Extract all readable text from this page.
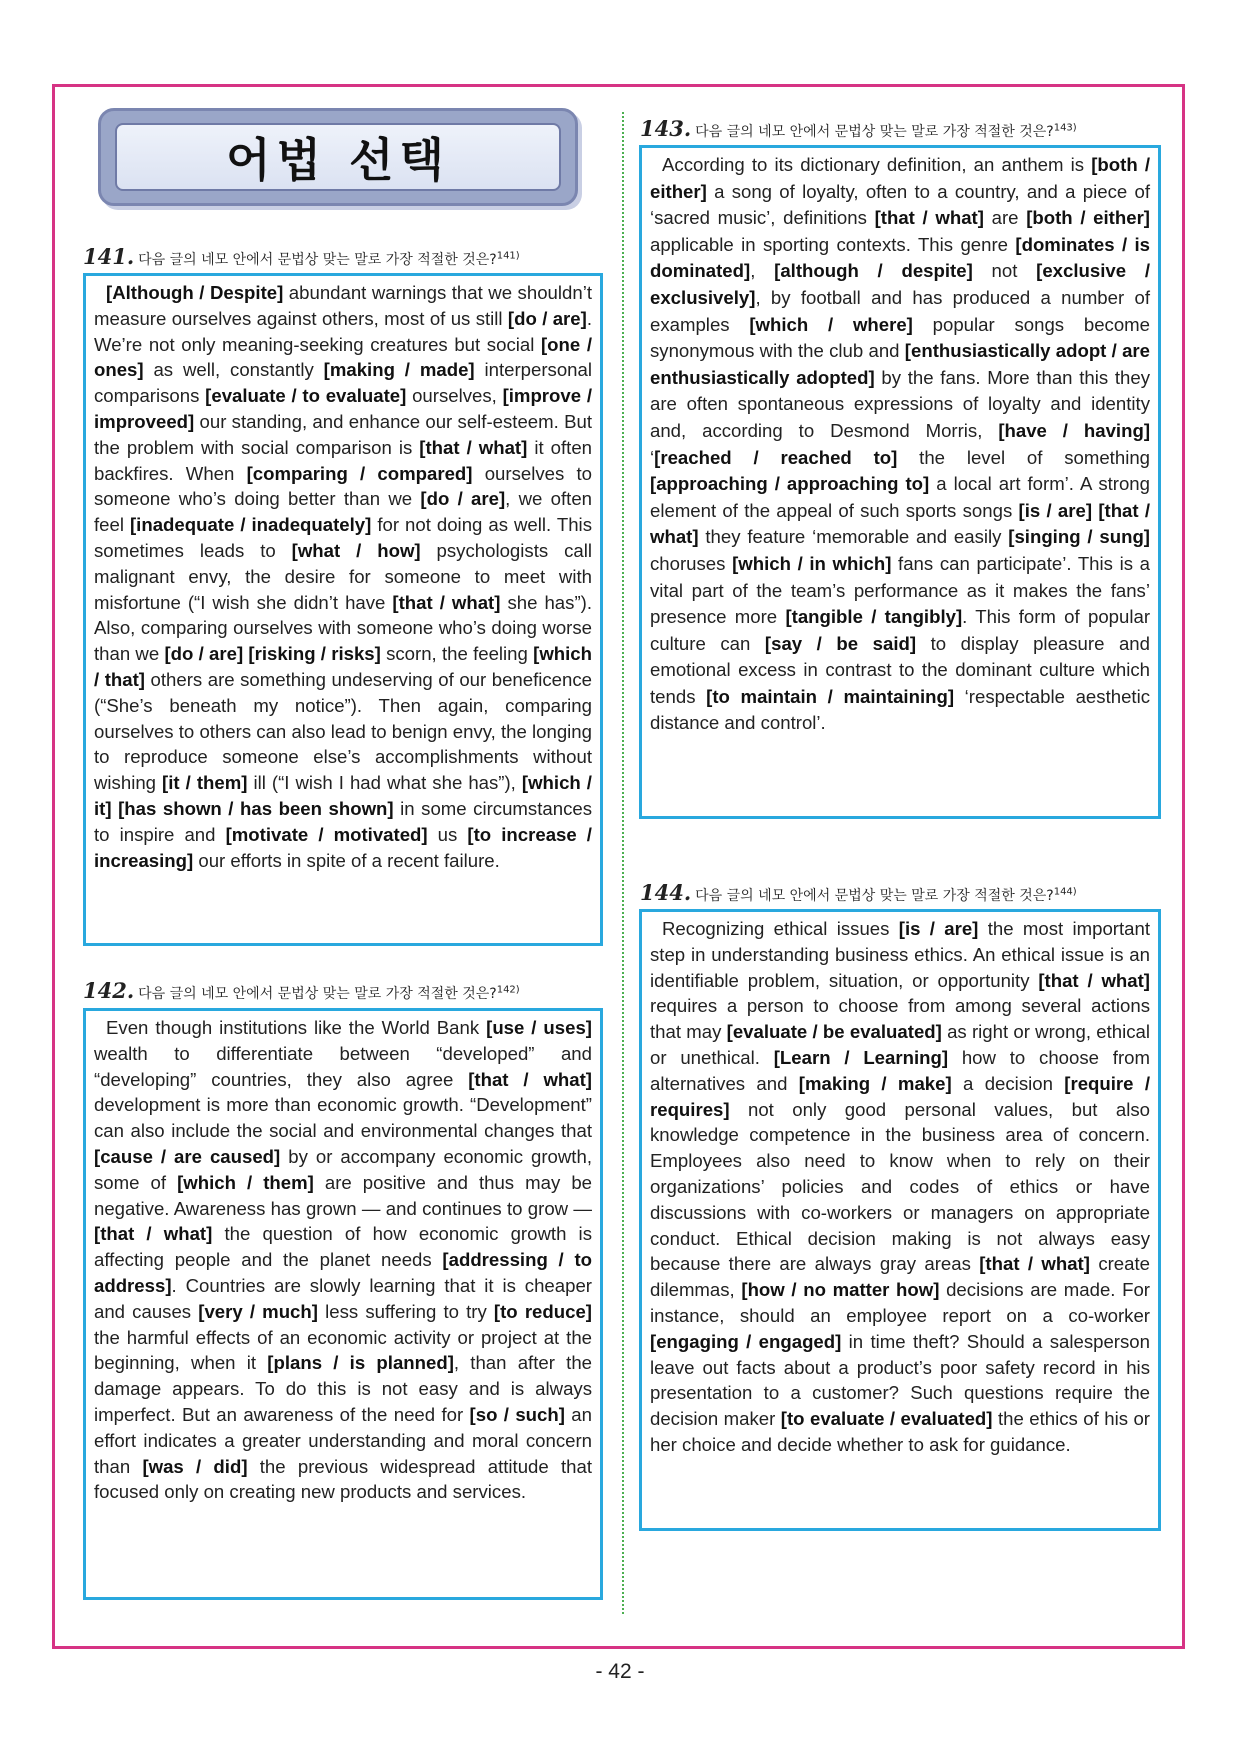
어법 선택
141. 다음 글의 네모 안에서 문법상 맞는 말로 가장 적절한 것은?$^{141)}$

[Although / Despite] abundant warnings that we shouldn’t measure ourselves against others, most of us still [do / are]. We’re not only meaning-seeking creatures but social [one / ones] as well, constantly [making / made] interpersonal comparisons [evaluate / to evaluate] ourselves, [improve / improveed] our standing, and enhance our self-esteem. But the problem with social comparison is [that / what] it often backfires. When [comparing / compared] ourselves to someone who’s doing better than we [do / are], we often feel [inadequate / inadequately] for not doing as well. This sometimes leads to [what / how] psychologists call malignant envy, the desire for someone to meet with misfortune (“I wish she didn’t have [that / what] she has”). Also, comparing ourselves with someone who’s doing worse than we [do / are] [risking / risks] scorn, the feeling [which / that] others are something undeserving of our beneficence (“She’s beneath my notice”). Then again, comparing ourselves to others can also lead to benign envy, the longing to reproduce someone else’s accomplishments without wishing [it / them] ill (“I wish I had what she has”), [which / it] [has shown / has been shown] in some circumstances to inspire and [motivate / motivated] us [to increase / increasing] our efforts in spite of a recent failure.

142. 다음 글의 네모 안에서 문법상 맞는 말로 가장 적절한 것은?$^{142)}$

Even though institutions like the World Bank [use / uses] wealth to differentiate between “developed” and “developing” countries, they also agree [that / what] development is more than economic growth. “Development” can also include the social and environmental changes that [cause / are caused] by or accompany economic growth, some of [which / them] are positive and thus may be negative. Awareness has grown — and continues to grow — [that / what] the question of how economic growth is affecting people and the planet needs [addressing / to address]. Countries are slowly learning that it is cheaper and causes [very / much] less suffering to try [to reduce] the harmful effects of an economic activity or project at the beginning, when it [plans / is planned], than after the damage appears. To do this is not easy and is always imperfect. But an awareness of the need for [so / such] an effort indicates a greater understanding and moral concern than [was / did] the previous widespread attitude that focused only on creating new products and services.

143. 다음 글의 네모 안에서 문법상 맞는 말로 가장 적절한 것은?$^{143)}$

According to its dictionary definition, an anthem is [both / either] a song of loyalty, often to a country, and a piece of ‘sacred music’, definitions [that / what] are [both / either] applicable in sporting contexts. This genre [dominates / is dominated], [although / despite] not [exclusive / exclusively], by football and has produced a number of examples [which / where] popular songs become synonymous with the club and [enthusiastically adopt / are enthusiastically adopted] by the fans. More than this they are often spontaneous expressions of loyalty and identity and, according to Desmond Morris, [have / having] ‘[reached / reached to] the level of something [approaching / approaching to] a local art form’. A strong element of the appeal of such sports songs [is / are] [that / what] they feature ‘memorable and easily [singing / sung] choruses [which / in which] fans can participate’. This is a vital part of the team’s performance as it makes the fans’ presence more [tangible / tangibly]. This form of popular culture can [say / be said] to display pleasure and emotional excess in contrast to the dominant culture which tends [to maintain / maintaining] ‘respectable aesthetic distance and control’.

144. 다음 글의 네모 안에서 문법상 맞는 말로 가장 적절한 것은?$^{144)}$

Recognizing ethical issues [is / are] the most important step in understanding business ethics. An ethical issue is an identifiable problem, situation, or opportunity [that / what] requires a person to choose from among several actions that may [evaluate / be evaluated] as right or wrong, ethical or unethical. [Learn / Learning] how to choose from alternatives and [making / make] a decision [require / requires] not only good personal values, but also knowledge competence in the business area of concern. Employees also need to know when to rely on their organizations’ policies and codes of ethics or have discussions with co-workers or managers on appropriate conduct. Ethical decision making is not always easy because there are always gray areas [that / what] create dilemmas, [how / no matter how] decisions are made. For instance, should an employee report on a co-worker [engaging / engaged] in time theft? Should a salesperson leave out facts about a product’s poor safety record in his presentation to a customer? Such questions require the decision maker [to evaluate / evaluated] the ethics of his or her choice and decide whether to ask for guidance.

- 42 -
